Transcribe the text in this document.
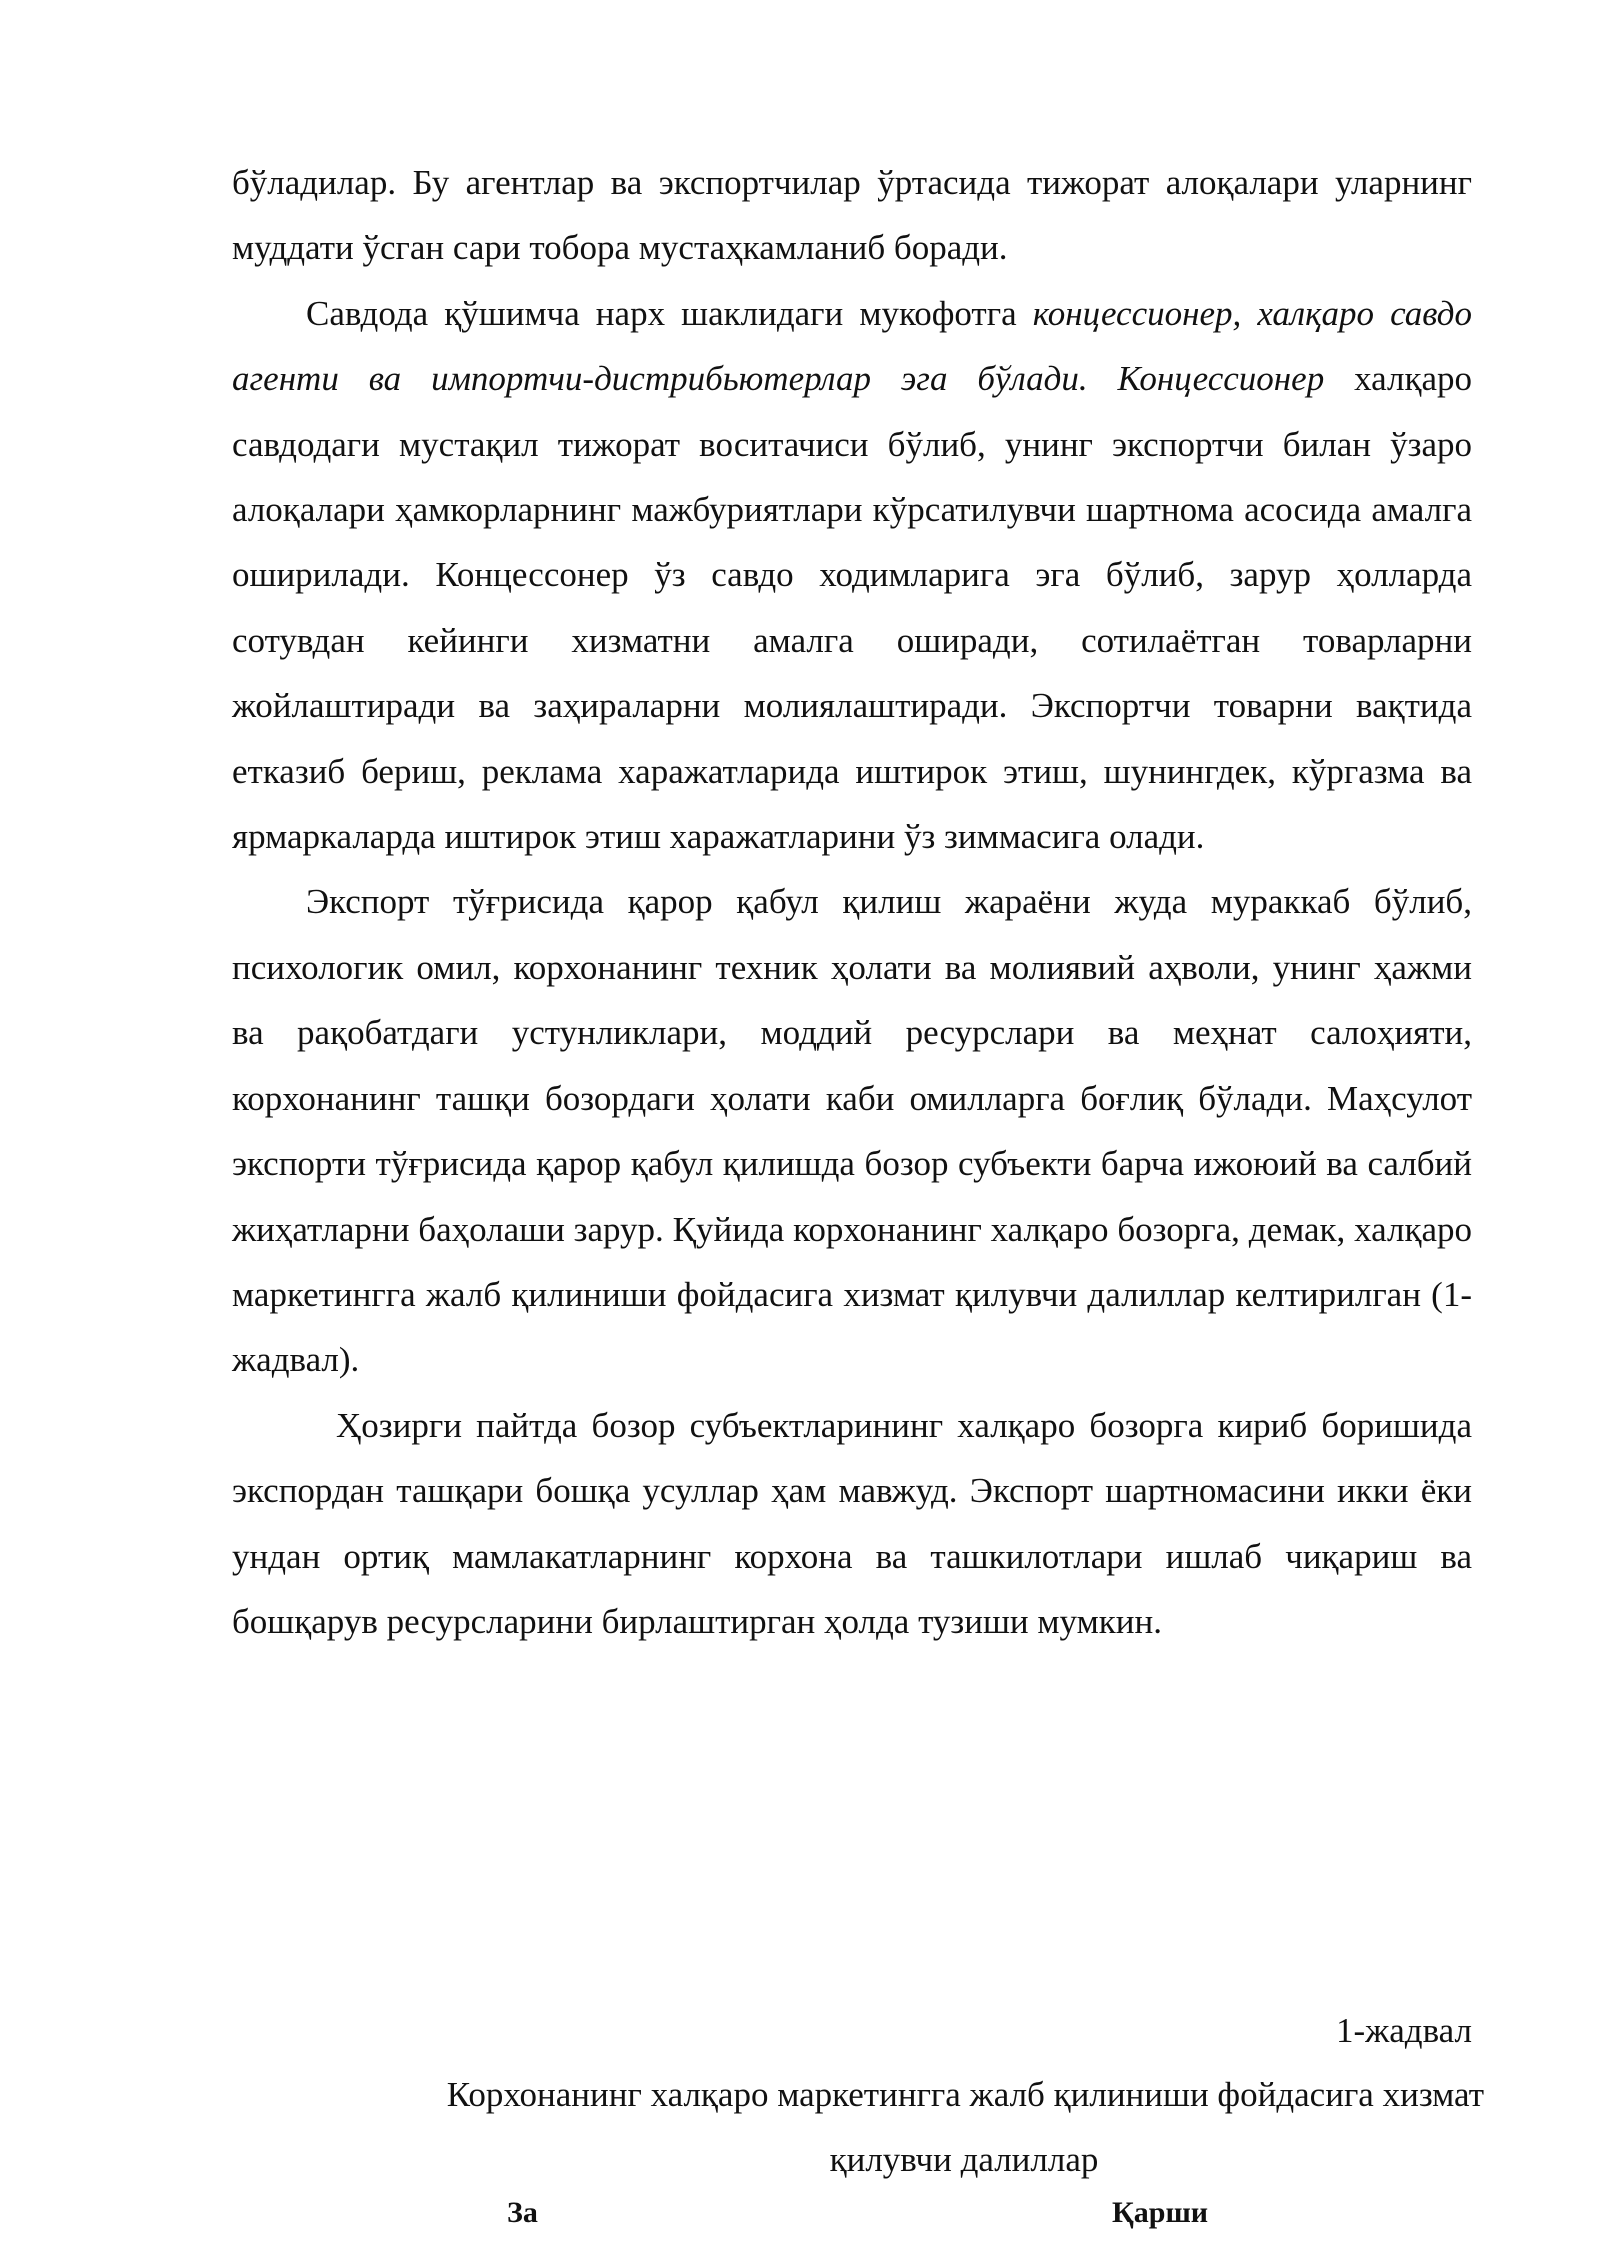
бўладилар. Бу агентлар ва экспортчилар ўртасида тижорат алоқалари уларнинг муддати ўсган сари тобора мустаҳкамланиб боради.

Савдода қўшимча нарх шаклидаги мукофотга концессионер, халқаро савдо агенти ва импортчи-дистрибьютерлар эга бўлади. Концессионер халқаро савдодаги мустақил тижорат воситачиси бўлиб, унинг экспортчи билан ўзаро алоқалари ҳамкорларнинг мажбуриятлари кўрсатилувчи шартнома асосида амалга оширилади. Концессонер ўз савдо ходимларига эга бўлиб, зарур ҳолларда сотувдан кейинги хизматни амалга оширади, сотилаётган товарларни жойлаштиради ва заҳираларни молиялаштиради. Экспортчи товарни вақтида етказиб бериш, реклама харажатларида иштирок этиш, шунингдек, кўргазма ва ярмаркаларда иштирок этиш харажатларини ўз зиммасига олади.

Экспорт тўғрисида қарор қабул қилиш жараёни жуда мураккаб бўлиб, психологик омил, корхонанинг техник ҳолати ва молиявий аҳволи, унинг ҳажми ва рақобатдаги устунликлари, моддий ресурслари ва меҳнат салоҳияти, корхонанинг ташқи бозордаги ҳолати каби омилларга боғлиқ бўлади. Маҳсулот экспорти тўғрисида қарор қабул қилишда бозор субъекти барча ижоюий ва салбий жиҳатларни баҳолаши зарур. Қуйида корхонанинг халқаро бозорга, демак, халқаро маркетингга жалб қилиниши фойдасига хизмат қилувчи далиллар келтирилган (1-жадвал).

Ҳозирги пайтда бозор субъектларининг халқаро бозорга кириб боришида экспордан ташқари бошқа усуллар ҳам мавжуд. Экспорт шартномасини икки ёки ундан ортиқ мамлакатларнинг корхона ва ташкилотлари ишлаб чиқариш ва бошқарув ресурсларини бирлаштирган ҳолда тузиши мумкин.

1-жадвал

Корхонанинг халқаро маркетингга жалб қилиниши фойдасига хизмат
қилувчи далиллар

За	Қарши
